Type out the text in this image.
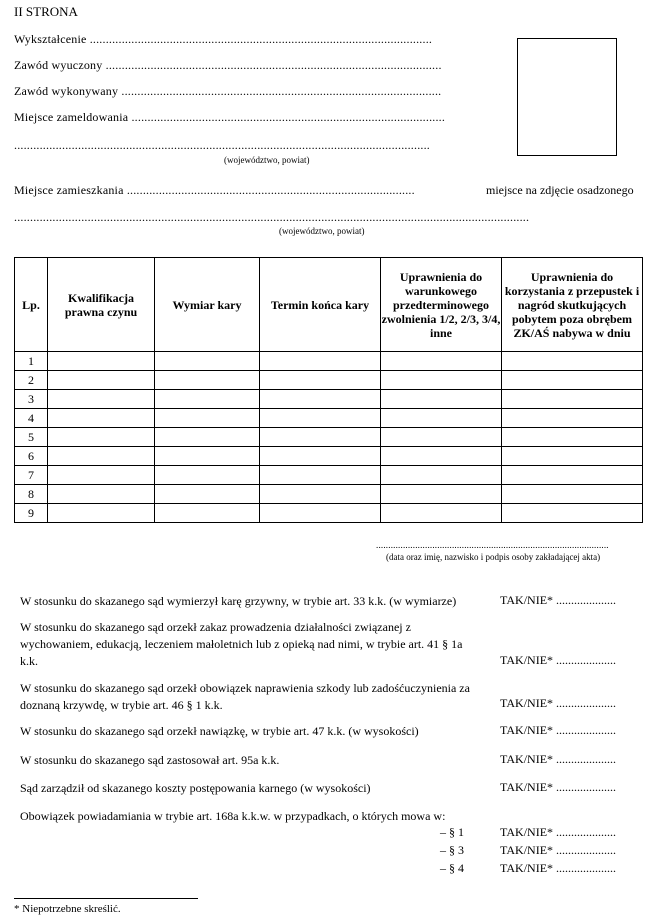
II STRONA
Wykształcenie ...........................................................................................................
Zawód wyuczony .........................................................................................................
Zawód wykonywany ....................................................................................................
Miejsce zameldowania ..................................................................................................
..................................................................................................................................
(województwo, powiat)
miejsce na zdjęcie osadzonego
Miejsce zamieszkania ..........................................................................................
.................................................................................................................................................................
(województwo, powiat)
Lp.	Kwalifikacja prawna czynu	Wymiar kary	Termin końca kary	Uprawnienia do warunkowego przedterminowego zwolnienia 1/2, 2/3, 3/4, inne	Uprawnienia do korzystania z przepustek i nagród skutkujących pobytem poza obrębem ZK/AŚ nabywa w dniu
1					
2					
3					
4					
5					
6					
7					
8					
9					
...............................................................................................
(data oraz imię, nazwisko i podpis osoby zakładającej akta)
W stosunku do skazanego sąd wymierzył karę grzywny, w trybie art. 33 k.k. (w wymiarze)	TAK/NIE* ....................
W stosunku do skazanego sąd orzekł zakaz prowadzenia działalności związanej z wychowaniem, edukacją, leczeniem małoletnich lub z opieką nad nimi, w trybie art. 41 § 1a k.k.	TAK/NIE* ....................
W stosunku do skazanego sąd orzekł obowiązek naprawienia szkody lub zadośćuczynienia za doznaną krzywdę, w trybie art. 46 § 1 k.k.	TAK/NIE* ....................
W stosunku do skazanego sąd orzekł nawiązkę, w trybie art. 47 k.k. (w wysokości)	TAK/NIE* ....................
W stosunku do skazanego sąd zastosował art. 95a k.k.	TAK/NIE* ....................
Sąd zarządził od skazanego koszty postępowania karnego (w wysokości)	TAK/NIE* ....................
Obowiązek powiadamiania w trybie art. 168a k.k.w. w przypadkach, o których mowa w:
– § 1	TAK/NIE* ....................
– § 3	TAK/NIE* ....................
– § 4	TAK/NIE* ....................
* Niepotrzebne skreślić.
